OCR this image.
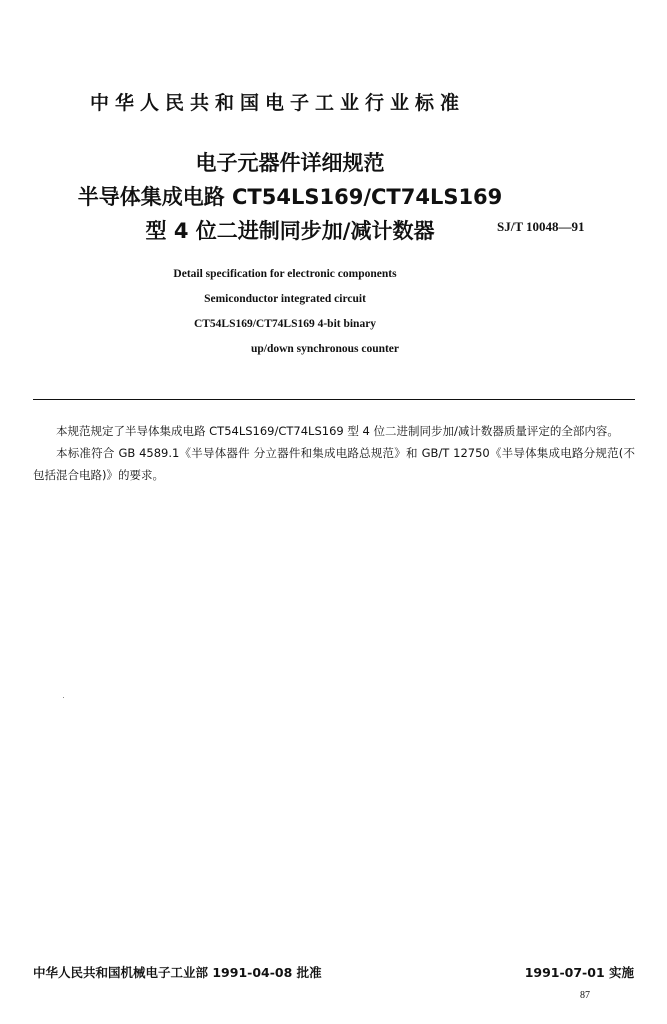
中华人民共和国电子工业行业标准
电子元器件详细规范
半导体集成电路 CT54LS169/CT74LS169
型 4 位二进制同步加/减计数器	SJ/T 10048—91
Detail specification for electronic components
Semiconductor integrated circuit
CT54LS169/CT74LS169 4-bit binary
up/down synchronous counter

本规范规定了半导体集成电路 CT54LS169/CT74LS169 型 4 位二进制同步加/减计数器质量评定的全部内容。

本标准符合 GB 4589.1《半导体器件 分立器件和集成电路总规范》和 GB/T 12750《半导体集成电路分规范(不包括混合电路)》的要求。

中华人民共和国机械电子工业部 1991-04-08 批准	1991-07-01 实施
87
